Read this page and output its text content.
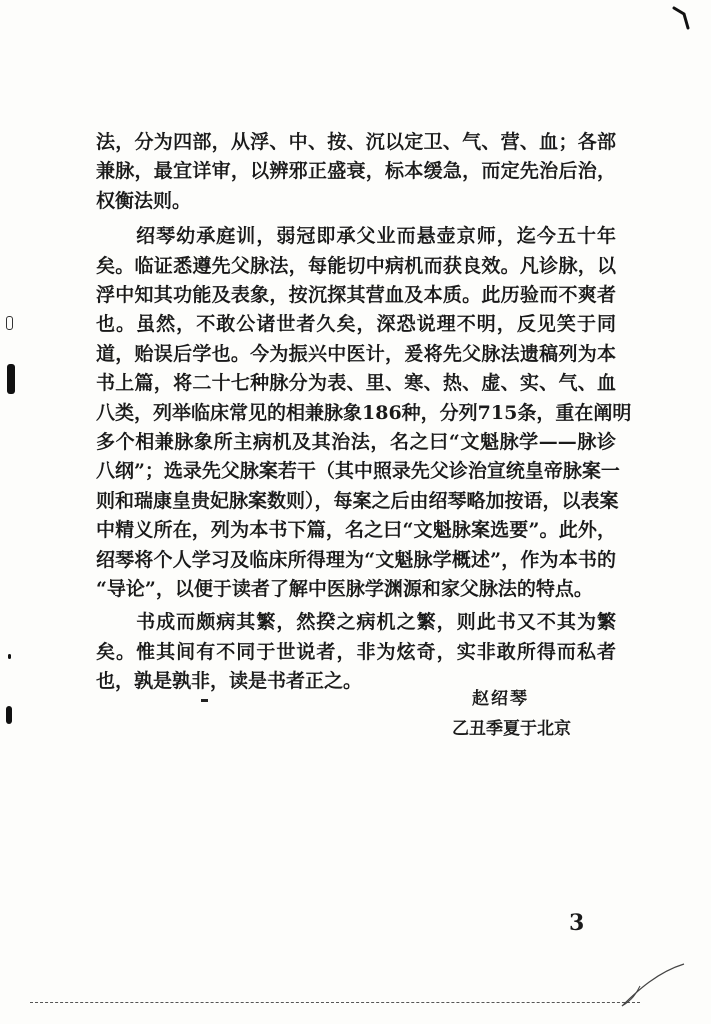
法，分为四部，从浮、中、按、沉以定卫、气、营、血；各部
兼脉，最宜详审，以辨邪正盛衰，标本缓急，而定先治后治，
权衡法则。
　　绍琴幼承庭训，弱冠即承父业而悬壶京师，迄今五十年
矣。临证悉遵先父脉法，每能切中病机而获良效。凡诊脉，以
浮中知其功能及表象，按沉探其营血及本质。此历验而不爽者
也。虽然，不敢公诸世者久矣，深恐说理不明，反见笑于同
道，贻误后学也。今为振兴中医计，爰将先父脉法遗稿列为本
书上篇，将二十七种脉分为表、里、寒、热、虚、实、气、血
八类，列举临床常见的相兼脉象186种，分列715条，重在阐明
多个相兼脉象所主病机及其治法，名之曰“文魁脉学——脉诊
八纲”；选录先父脉案若干（其中照录先父诊治宣统皇帝脉案一
则和瑞康皇贵妃脉案数则），每案之后由绍琴略加按语，以表案
中精义所在，列为本书下篇，名之曰“文魁脉案选要”。此外，
绍琴将个人学习及临床所得理为“文魁脉学概述”，作为本书的
“导论”，以便于读者了解中医脉学渊源和家父脉法的特点。
　　书成而颇病其繁，然揆之病机之繁，则此书又不其为繁
矣。惟其间有不同于世说者，非为炫奇，实非敢所得而私者
也，孰是孰非，读是书者正之。
赵绍琴
乙丑季夏于北京
3
